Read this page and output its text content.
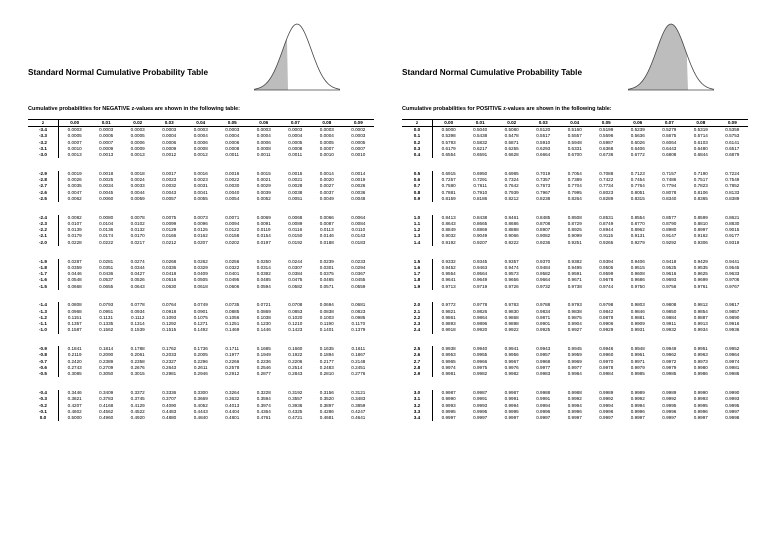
Standard Normal Cumulative Probability Table
Cumulative probabilities for NEGATIVE z-values are shown in the following table:
z	0.00	0.01	0.02	0.03	0.04	0.05	0.06	0.07	0.08	0.09
-3.4	0.0003	0.0003	0.0003	0.0003	0.0003	0.0003	0.0003	0.0003	0.0003	0.0002
-3.3	0.0005	0.0005	0.0005	0.0004	0.0004	0.0004	0.0004	0.0004	0.0004	0.0003
-3.2	0.0007	0.0007	0.0006	0.0006	0.0006	0.0006	0.0006	0.0005	0.0005	0.0005
-3.1	0.0010	0.0009	0.0009	0.0009	0.0008	0.0008	0.0008	0.0008	0.0007	0.0007
-3.0	0.0013	0.0013	0.0013	0.0012	0.0012	0.0011	0.0011	0.0011	0.0010	0.0010
-2.9	0.0019	0.0018	0.0018	0.0017	0.0016	0.0016	0.0015	0.0015	0.0014	0.0014
-2.8	0.0026	0.0025	0.0024	0.0023	0.0023	0.0022	0.0021	0.0021	0.0020	0.0019
-2.7	0.0035	0.0034	0.0033	0.0032	0.0031	0.0030	0.0029	0.0028	0.0027	0.0026
-2.6	0.0047	0.0045	0.0044	0.0043	0.0041	0.0040	0.0039	0.0038	0.0037	0.0036
-2.5	0.0062	0.0060	0.0059	0.0057	0.0055	0.0054	0.0052	0.0051	0.0049	0.0048
-2.4	0.0082	0.0080	0.0078	0.0075	0.0073	0.0071	0.0069	0.0068	0.0066	0.0064
-2.3	0.0107	0.0104	0.0102	0.0099	0.0096	0.0094	0.0091	0.0089	0.0087	0.0084
-2.2	0.0139	0.0136	0.0132	0.0129	0.0125	0.0122	0.0119	0.0116	0.0113	0.0110
-2.1	0.0179	0.0174	0.0170	0.0166	0.0162	0.0158	0.0154	0.0150	0.0146	0.0143
-2.0	0.0228	0.0222	0.0217	0.0212	0.0207	0.0202	0.0197	0.0192	0.0188	0.0183
-1.9	0.0287	0.0281	0.0274	0.0268	0.0262	0.0256	0.0250	0.0244	0.0239	0.0233
-1.8	0.0359	0.0351	0.0344	0.0336	0.0329	0.0322	0.0314	0.0307	0.0301	0.0294
-1.7	0.0446	0.0436	0.0427	0.0418	0.0409	0.0401	0.0392	0.0384	0.0375	0.0367
-1.6	0.0548	0.0537	0.0526	0.0516	0.0505	0.0495	0.0485	0.0475	0.0465	0.0455
-1.5	0.0668	0.0655	0.0643	0.0630	0.0618	0.0606	0.0594	0.0582	0.0571	0.0559
-1.4	0.0808	0.0793	0.0778	0.0764	0.0749	0.0735	0.0721	0.0708	0.0694	0.0681
-1.3	0.0968	0.0951	0.0934	0.0918	0.0901	0.0885	0.0869	0.0853	0.0838	0.0823
-1.2	0.1151	0.1131	0.1112	0.1093	0.1075	0.1056	0.1038	0.1020	0.1003	0.0985
-1.1	0.1357	0.1335	0.1314	0.1292	0.1271	0.1251	0.1230	0.1210	0.1190	0.1170
-1.0	0.1587	0.1562	0.1539	0.1515	0.1492	0.1469	0.1446	0.1423	0.1401	0.1379
-0.9	0.1841	0.1814	0.1788	0.1762	0.1736	0.1711	0.1685	0.1660	0.1635	0.1611
-0.8	0.2119	0.2090	0.2061	0.2033	0.2005	0.1977	0.1949	0.1922	0.1894	0.1867
-0.7	0.2420	0.2389	0.2358	0.2327	0.2296	0.2266	0.2236	0.2206	0.2177	0.2148
-0.6	0.2743	0.2709	0.2676	0.2643	0.2611	0.2578	0.2546	0.2514	0.2483	0.2451
-0.5	0.3085	0.3050	0.3015	0.2981	0.2946	0.2912	0.2877	0.2843	0.2810	0.2776
-0.4	0.3446	0.3409	0.3372	0.3336	0.3300	0.3264	0.3228	0.3192	0.3156	0.3121
-0.3	0.3821	0.3783	0.3745	0.3707	0.3669	0.3632	0.3594	0.3557	0.3520	0.3483
-0.2	0.4207	0.4168	0.4129	0.4090	0.4052	0.4013	0.3974	0.3936	0.3897	0.3859
-0.1	0.4602	0.4562	0.4522	0.4483	0.4443	0.4404	0.4364	0.4325	0.4286	0.4247
0.0	0.5000	0.4960	0.4920	0.4880	0.4840	0.4801	0.4761	0.4721	0.4681	0.4641
Standard Normal Cumulative Probability Table
Cumulative probabilities for POSITIVE z-values are shown in the following table:
z	0.00	0.01	0.02	0.03	0.04	0.05	0.06	0.07	0.08	0.09
0.0	0.5000	0.5040	0.5080	0.5120	0.5160	0.5199	0.5239	0.5279	0.5319	0.5359
0.1	0.5398	0.5438	0.5478	0.5517	0.5557	0.5596	0.5636	0.5675	0.5714	0.5753
0.2	0.5793	0.5832	0.5871	0.5910	0.5948	0.5987	0.6026	0.6064	0.6103	0.6141
0.3	0.6179	0.6217	0.6255	0.6293	0.6331	0.6368	0.6406	0.6443	0.6480	0.6517
0.4	0.6554	0.6591	0.6628	0.6664	0.6700	0.6736	0.6772	0.6808	0.6844	0.6879
0.5	0.6915	0.6950	0.6985	0.7019	0.7054	0.7088	0.7123	0.7157	0.7190	0.7224
0.6	0.7257	0.7291	0.7324	0.7357	0.7389	0.7422	0.7454	0.7486	0.7517	0.7549
0.7	0.7580	0.7611	0.7642	0.7673	0.7704	0.7734	0.7764	0.7794	0.7823	0.7852
0.8	0.7881	0.7910	0.7939	0.7967	0.7995	0.8023	0.8051	0.8078	0.8106	0.8133
0.9	0.8159	0.8186	0.8212	0.8238	0.8264	0.8289	0.8315	0.8340	0.8365	0.8389
1.0	0.8413	0.8438	0.8461	0.8485	0.8508	0.8531	0.8554	0.8577	0.8599	0.8621
1.1	0.8643	0.8665	0.8686	0.8708	0.8729	0.8749	0.8770	0.8790	0.8810	0.8830
1.2	0.8849	0.8869	0.8888	0.8907	0.8925	0.8944	0.8962	0.8980	0.8997	0.9015
1.3	0.9032	0.9049	0.9066	0.9082	0.9099	0.9115	0.9131	0.9147	0.9162	0.9177
1.4	0.9192	0.9207	0.9222	0.9236	0.9251	0.9265	0.9279	0.9292	0.9306	0.9319
1.5	0.9332	0.9345	0.9357	0.9370	0.9382	0.9394	0.9406	0.9418	0.9429	0.9441
1.6	0.9452	0.9463	0.9474	0.9484	0.9495	0.9505	0.9515	0.9525	0.9535	0.9545
1.7	0.9554	0.9564	0.9573	0.9582	0.9591	0.9599	0.9608	0.9616	0.9625	0.9633
1.8	0.9641	0.9649	0.9656	0.9664	0.9671	0.9678	0.9686	0.9693	0.9699	0.9706
1.9	0.9713	0.9719	0.9726	0.9732	0.9738	0.9744	0.9750	0.9756	0.9761	0.9767
2.0	0.9772	0.9778	0.9783	0.9788	0.9793	0.9798	0.9803	0.9808	0.9812	0.9817
2.1	0.9821	0.9826	0.9830	0.9834	0.9838	0.9842	0.9846	0.9850	0.9854	0.9857
2.2	0.9861	0.9864	0.9868	0.9871	0.9875	0.9878	0.9881	0.9884	0.9887	0.9890
2.3	0.9893	0.9896	0.9898	0.9901	0.9904	0.9906	0.9909	0.9911	0.9913	0.9916
2.4	0.9918	0.9920	0.9922	0.9925	0.9927	0.9929	0.9931	0.9932	0.9934	0.9936
2.5	0.9938	0.9940	0.9941	0.9943	0.9945	0.9946	0.9948	0.9949	0.9951	0.9952
2.6	0.9953	0.9955	0.9956	0.9957	0.9959	0.9960	0.9961	0.9962	0.9963	0.9964
2.7	0.9965	0.9966	0.9967	0.9968	0.9969	0.9970	0.9971	0.9972	0.9973	0.9974
2.8	0.9974	0.9975	0.9976	0.9977	0.9977	0.9978	0.9979	0.9979	0.9980	0.9981
2.9	0.9981	0.9982	0.9982	0.9983	0.9984	0.9984	0.9985	0.9985	0.9986	0.9986
3.0	0.9987	0.9987	0.9987	0.9988	0.9988	0.9989	0.9989	0.9989	0.9990	0.9990
3.1	0.9990	0.9991	0.9991	0.9991	0.9992	0.9992	0.9992	0.9992	0.9993	0.9993
3.2	0.9993	0.9993	0.9994	0.9994	0.9994	0.9994	0.9994	0.9995	0.9995	0.9995
3.3	0.9995	0.9995	0.9995	0.9996	0.9996	0.9996	0.9996	0.9996	0.9996	0.9997
3.4	0.9997	0.9997	0.9997	0.9997	0.9997	0.9997	0.9997	0.9997	0.9997	0.9998
